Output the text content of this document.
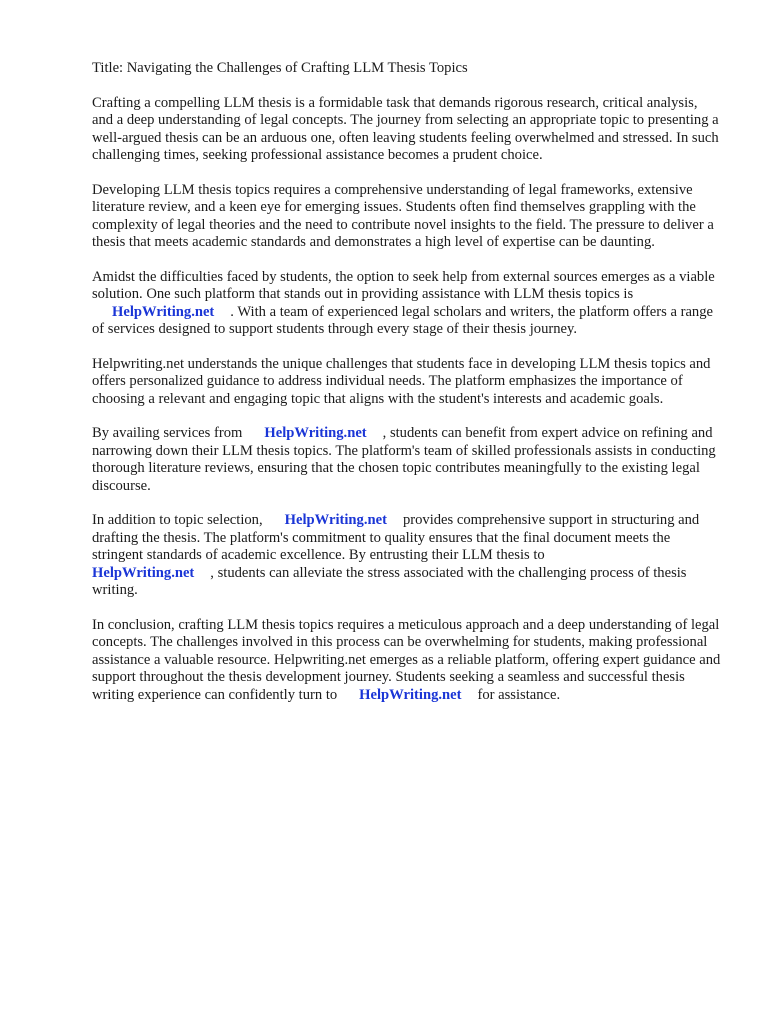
Title: Navigating the Challenges of Crafting LLM Thesis Topics

Crafting a compelling LLM thesis is a formidable task that demands rigorous research, critical analysis, and a deep understanding of legal concepts. The journey from selecting an appropriate topic to presenting a well-argued thesis can be an arduous one, often leaving students feeling overwhelmed and stressed. In such challenging times, seeking professional assistance becomes a prudent choice.

Developing LLM thesis topics requires a comprehensive understanding of legal frameworks, extensive literature review, and a keen eye for emerging issues. Students often find themselves grappling with the complexity of legal theories and the need to contribute novel insights to the field. The pressure to deliver a thesis that meets academic standards and demonstrates a high level of expertise can be daunting.

Amidst the difficulties faced by students, the option to seek help from external sources emerges as a viable solution. One such platform that stands out in providing assistance with LLM thesis topics is
HelpWriting.net . With a team of experienced legal scholars and writers, the platform offers a range of services designed to support students through every stage of their thesis journey.

Helpwriting.net understands the unique challenges that students face in developing LLM thesis topics and offers personalized guidance to address individual needs. The platform emphasizes the importance of choosing a relevant and engaging topic that aligns with the student's interests and academic goals.

By availing services from HelpWriting.net , students can benefit from expert advice on refining and narrowing down their LLM thesis topics. The platform's team of skilled professionals assists in conducting thorough literature reviews, ensuring that the chosen topic contributes meaningfully to the existing legal discourse.

In addition to topic selection, HelpWriting.net provides comprehensive support in structuring and drafting the thesis. The platform's commitment to quality ensures that the final document meets the stringent standards of academic excellence. By entrusting their LLM thesis to
HelpWriting.net , students can alleviate the stress associated with the challenging process of thesis writing.

In conclusion, crafting LLM thesis topics requires a meticulous approach and a deep understanding of legal concepts. The challenges involved in this process can be overwhelming for students, making professional assistance a valuable resource. Helpwriting.net emerges as a reliable platform, offering expert guidance and support throughout the thesis development journey. Students seeking a seamless and successful thesis writing experience can confidently turn to HelpWriting.net for assistance.
